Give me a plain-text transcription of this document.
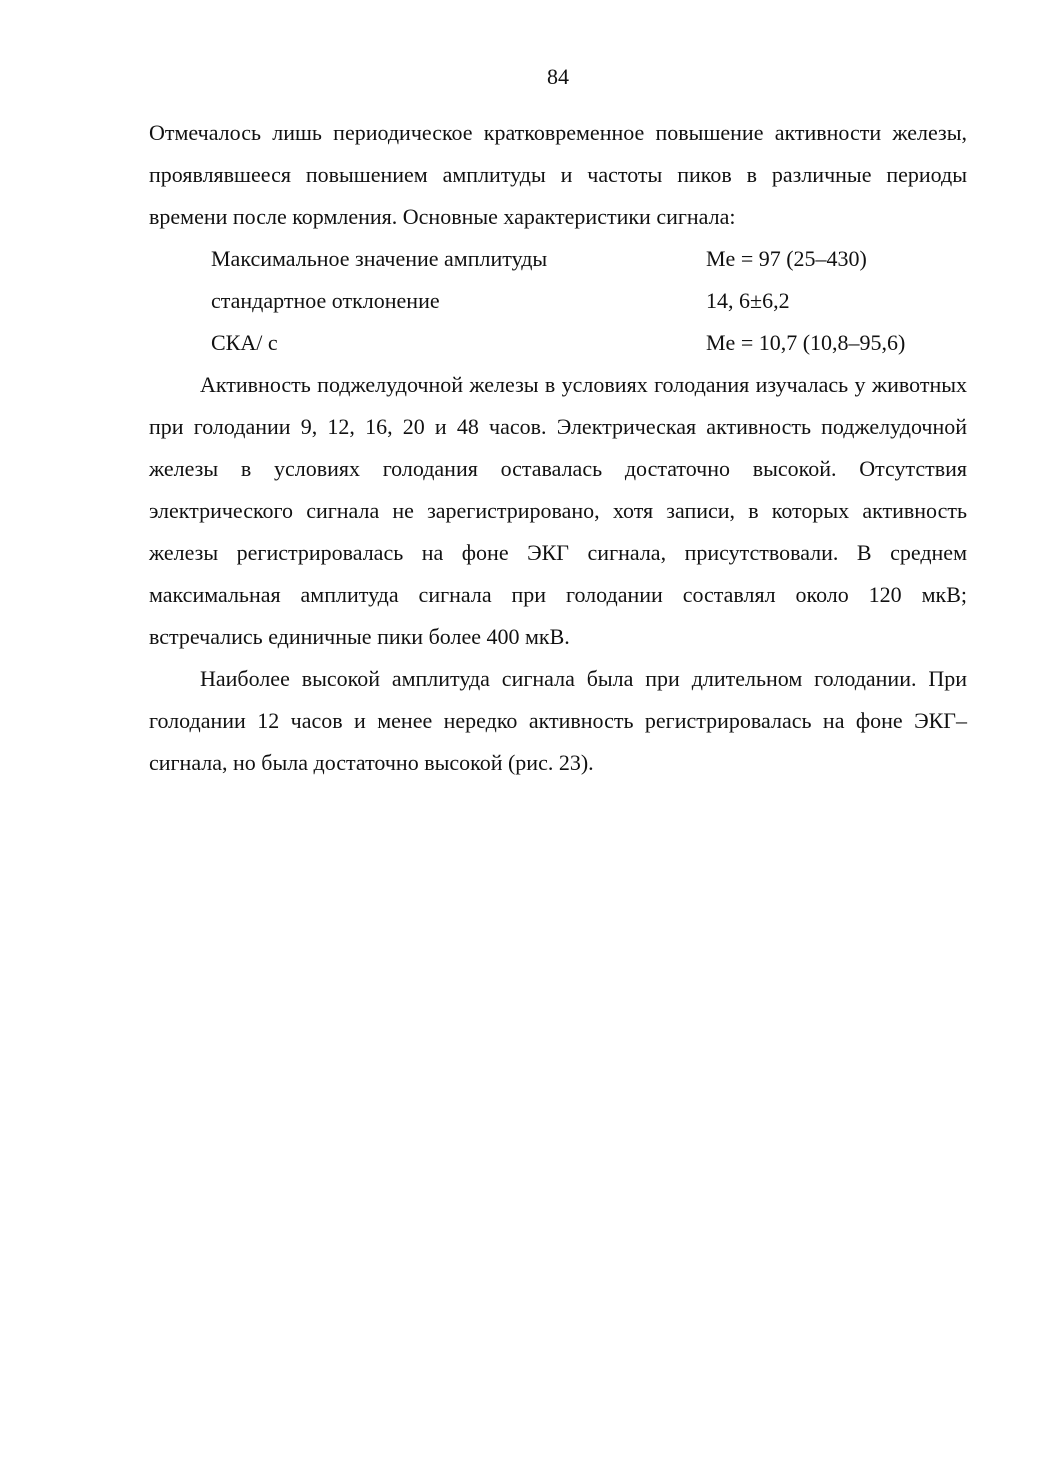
84

Отмечалось лишь периодическое кратковременное повышение активности железы, проявлявшееся повышением амплитуды и частоты пиков в различные периоды времени после кормления. Основные характеристики сигнала:

Максимальное значение амплитуды	Me = 97 (25–430)
стандартное отклонение	14, 6±6,2
СКА/ с	Me = 10,7 (10,8–95,6)

Активность поджелудочной железы в условиях голодания изучалась у животных при голодании 9, 12, 16, 20 и 48 часов. Электрическая активность поджелудочной железы в условиях голодания оставалась достаточно высокой. Отсутствия электрического сигнала не зарегистрировано, хотя записи, в которых активность железы регистрировалась на фоне ЭКГ сигнала, присутствовали. В среднем максимальная амплитуда сигнала при голодании составлял около 120 мкВ; встречались единичные пики более 400 мкВ.

Наиболее высокой амплитуда сигнала была при длительном голодании. При голодании 12 часов и менее нередко активность регистрировалась на фоне ЭКГ–сигнала, но была достаточно высокой (рис. 23).
